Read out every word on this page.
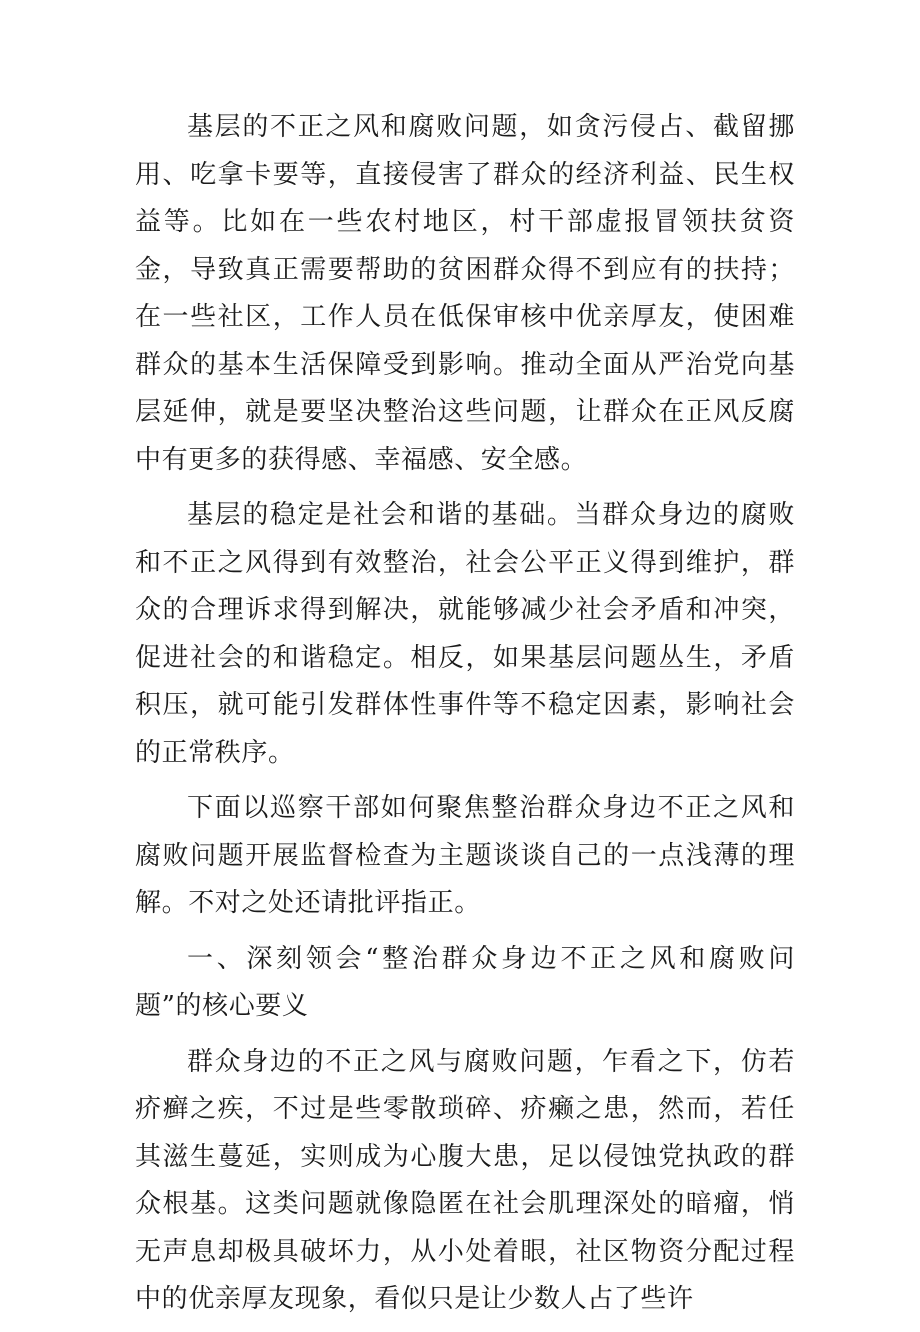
基层的不正之风和腐败问题，如贪污侵占、截留挪用、吃拿卡要等，直接侵害了群众的经济利益、民生权益等。比如在一些农村地区，村干部虚报冒领扶贫资金，导致真正需要帮助的贫困群众得不到应有的扶持；在一些社区，工作人员在低保审核中优亲厚友，使困难群众的基本生活保障受到影响。推动全面从严治党向基层延伸，就是要坚决整治这些问题，让群众在正风反腐中有更多的获得感、幸福感、安全感。

基层的稳定是社会和谐的基础。当群众身边的腐败和不正之风得到有效整治，社会公平正义得到维护，群众的合理诉求得到解决，就能够减少社会矛盾和冲突，促进社会的和谐稳定。相反，如果基层问题丛生，矛盾积压，就可能引发群体性事件等不稳定因素，影响社会的正常秩序。

下面以巡察干部如何聚焦整治群众身边不正之风和腐败问题开展监督检查为主题谈谈自己的一点浅薄的理解。不对之处还请批评指正。

一、深刻领会“整治群众身边不正之风和腐败问题”的核心要义

群众身边的不正之风与腐败问题，乍看之下，仿若疥癣之疾，不过是些零散琐碎、疥癞之患，然而，若任其滋生蔓延，实则成为心腹大患，足以侵蚀党执政的群众根基。这类问题就像隐匿在社会肌理深处的暗瘤，悄无声息却极具破坏力，从小处着眼，社区物资分配过程中的优亲厚友现象，看似只是让少数人占了些许
